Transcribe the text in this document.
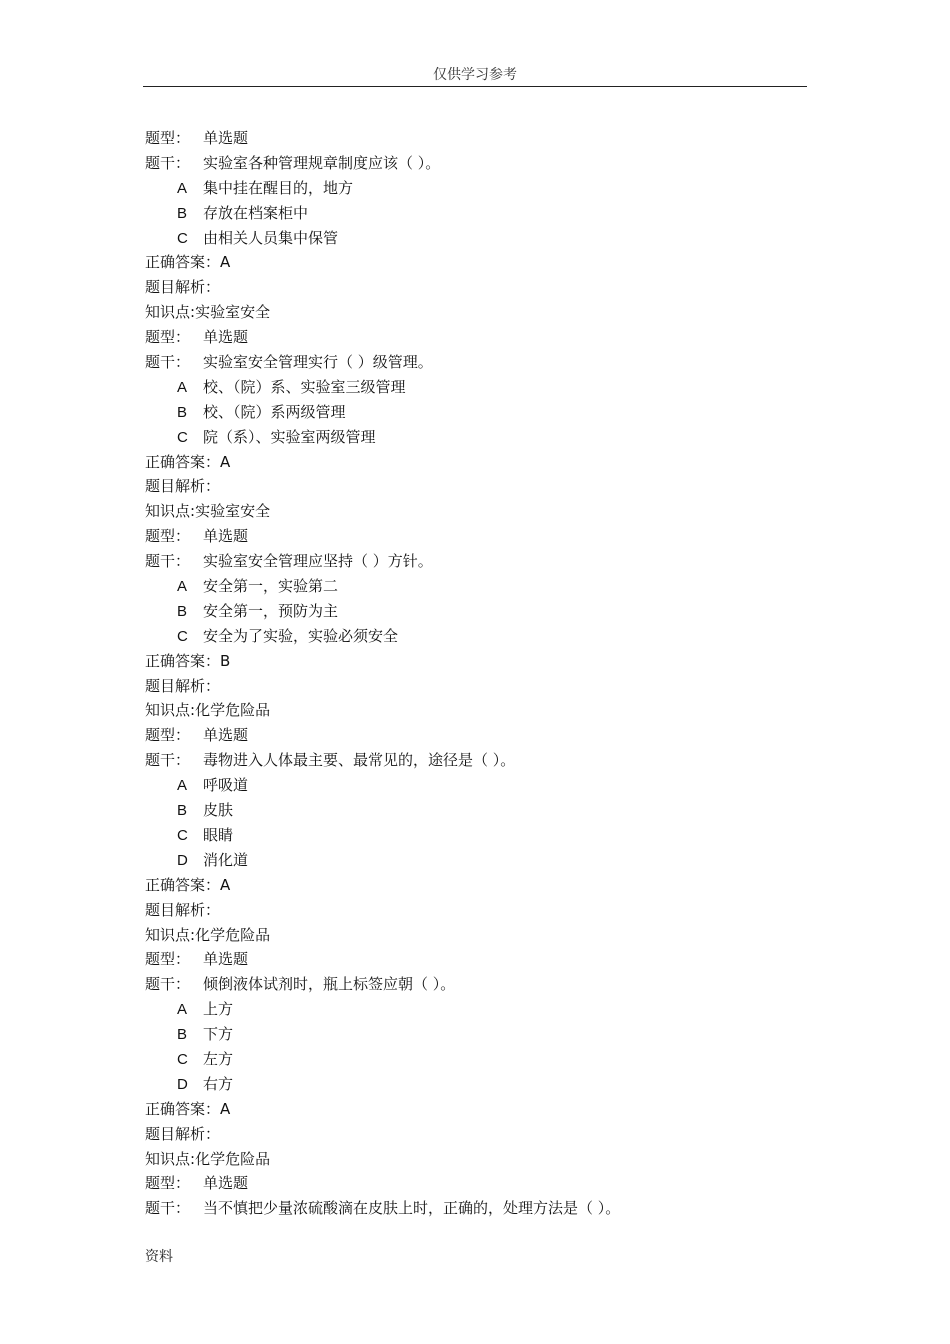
仅供学习参考
题型： 单选题
题干： 实验室各种管理规章制度应该（ ）。
A 集中挂在醒目的，地方
B 存放在档案柜中
C 由相关人员集中保管
正确答案：A
题目解析：
知识点:实验室安全
题型： 单选题
题干： 实验室安全管理实行（ ）级管理。
A 校、（院）系、实验室三级管理
B 校、（院）系两级管理
C 院（系）、实验室两级管理
正确答案：A
题目解析：
知识点:实验室安全
题型： 单选题
题干： 实验室安全管理应坚持（ ）方针。
A 安全第一，实验第二
B 安全第一，预防为主
C 安全为了实验，实验必须安全
正确答案：B
题目解析：
知识点:化学危险品
题型： 单选题
题干： 毒物进入人体最主要、最常见的，途径是（ ）。
A 呼吸道
B 皮肤
C 眼睛
D 消化道
正确答案：A
题目解析：
知识点:化学危险品
题型： 单选题
题干： 倾倒液体试剂时，瓶上标签应朝（ ）。
A 上方
B 下方
C 左方
D 右方
正确答案：A
题目解析：
知识点:化学危险品
题型： 单选题
题干： 当不慎把少量浓硫酸滴在皮肤上时，正确的，处理方法是（ ）。
资料
